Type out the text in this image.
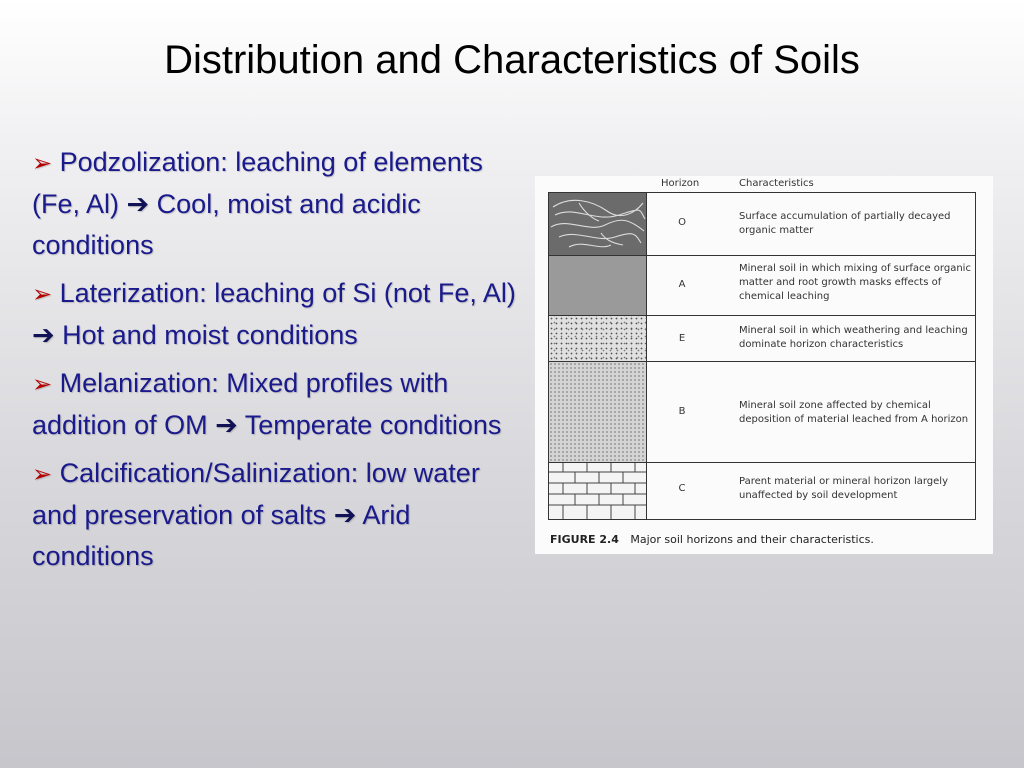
Distribution and Characteristics of Soils
➢ Podzolization: leaching of elements (Fe, Al) ➔ Cool, moist and acidic conditions
➢ Laterization: leaching of Si (not Fe, Al) ➔ Hot and moist conditions
➢ Melanization: Mixed profiles with addition of OM ➔ Temperate conditions
➢ Calcification/Salinization: low water and preservation of salts ➔ Arid conditions
Horizon	Characteristics
O
Surface accumulation of partially decayed organic matter
A
Mineral soil in which mixing of surface organic matter and root growth masks effects of chemical leaching
E
Mineral soil in which weathering and leaching dominate horizon characteristics
B
Mineral soil zone affected by chemical deposition of material leached from A horizon
C
Parent material or mineral horizon largely unaffected by soil development
FIGURE 2.4 Major soil horizons and their characteristics.
